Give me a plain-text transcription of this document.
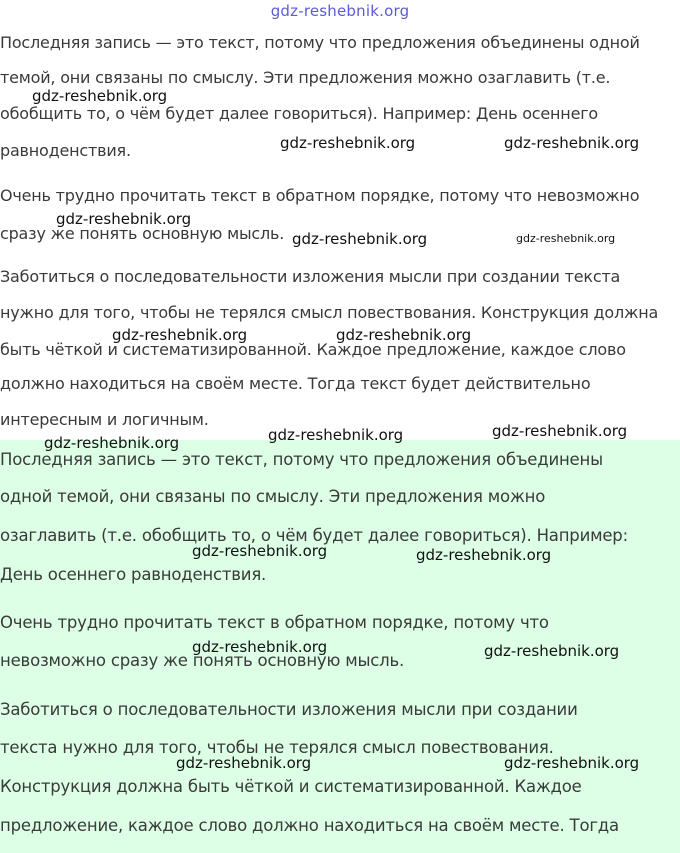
gdz-reshebnik.org
Последняя запись — это текст, потому что предложения объединены одной
темой, они связаны по смыслу. Эти предложения можно озаглавить (т.е.
обобщить то, о чём будет далее говориться). Например: День осеннего
равноденствия.
Очень трудно прочитать текст в обратном порядке, потому что невозможно
сразу же понять основную мысль.
Заботиться о последовательности изложения мысли при создании текста
нужно для того, чтобы не терялся смысл повествования. Конструкция должна
быть чёткой и систематизированной. Каждое предложение, каждое слово
должно находиться на своём месте. Тогда текст будет действительно
интересным и логичным.
Последняя запись — это текст, потому что предложения объединены
одной темой, они связаны по смыслу. Эти предложения можно
озаглавить (т.е. обобщить то, о чём будет далее говориться). Например:
День осеннего равноденствия.
Очень трудно прочитать текст в обратном порядке, потому что
невозможно сразу же понять основную мысль.
Заботиться о последовательности изложения мысли при создании
текста нужно для того, чтобы не терялся смысл повествования.
Конструкция должна быть чёткой и систематизированной. Каждое
предложение, каждое слово должно находиться на своём месте. Тогда
gdz-reshebnik.org
gdz-reshebnik.org	gdz-reshebnik.org
gdz-reshebnik.org
gdz-reshebnik.org	gdz-reshebnik.org
gdz-reshebnik.org	gdz-reshebnik.org
gdz-reshebnik.org	gdz-reshebnik.org	gdz-reshebnik.org
gdz-reshebnik.org	gdz-reshebnik.org
gdz-reshebnik.org	gdz-reshebnik.org
gdz-reshebnik.org	gdz-reshebnik.org
